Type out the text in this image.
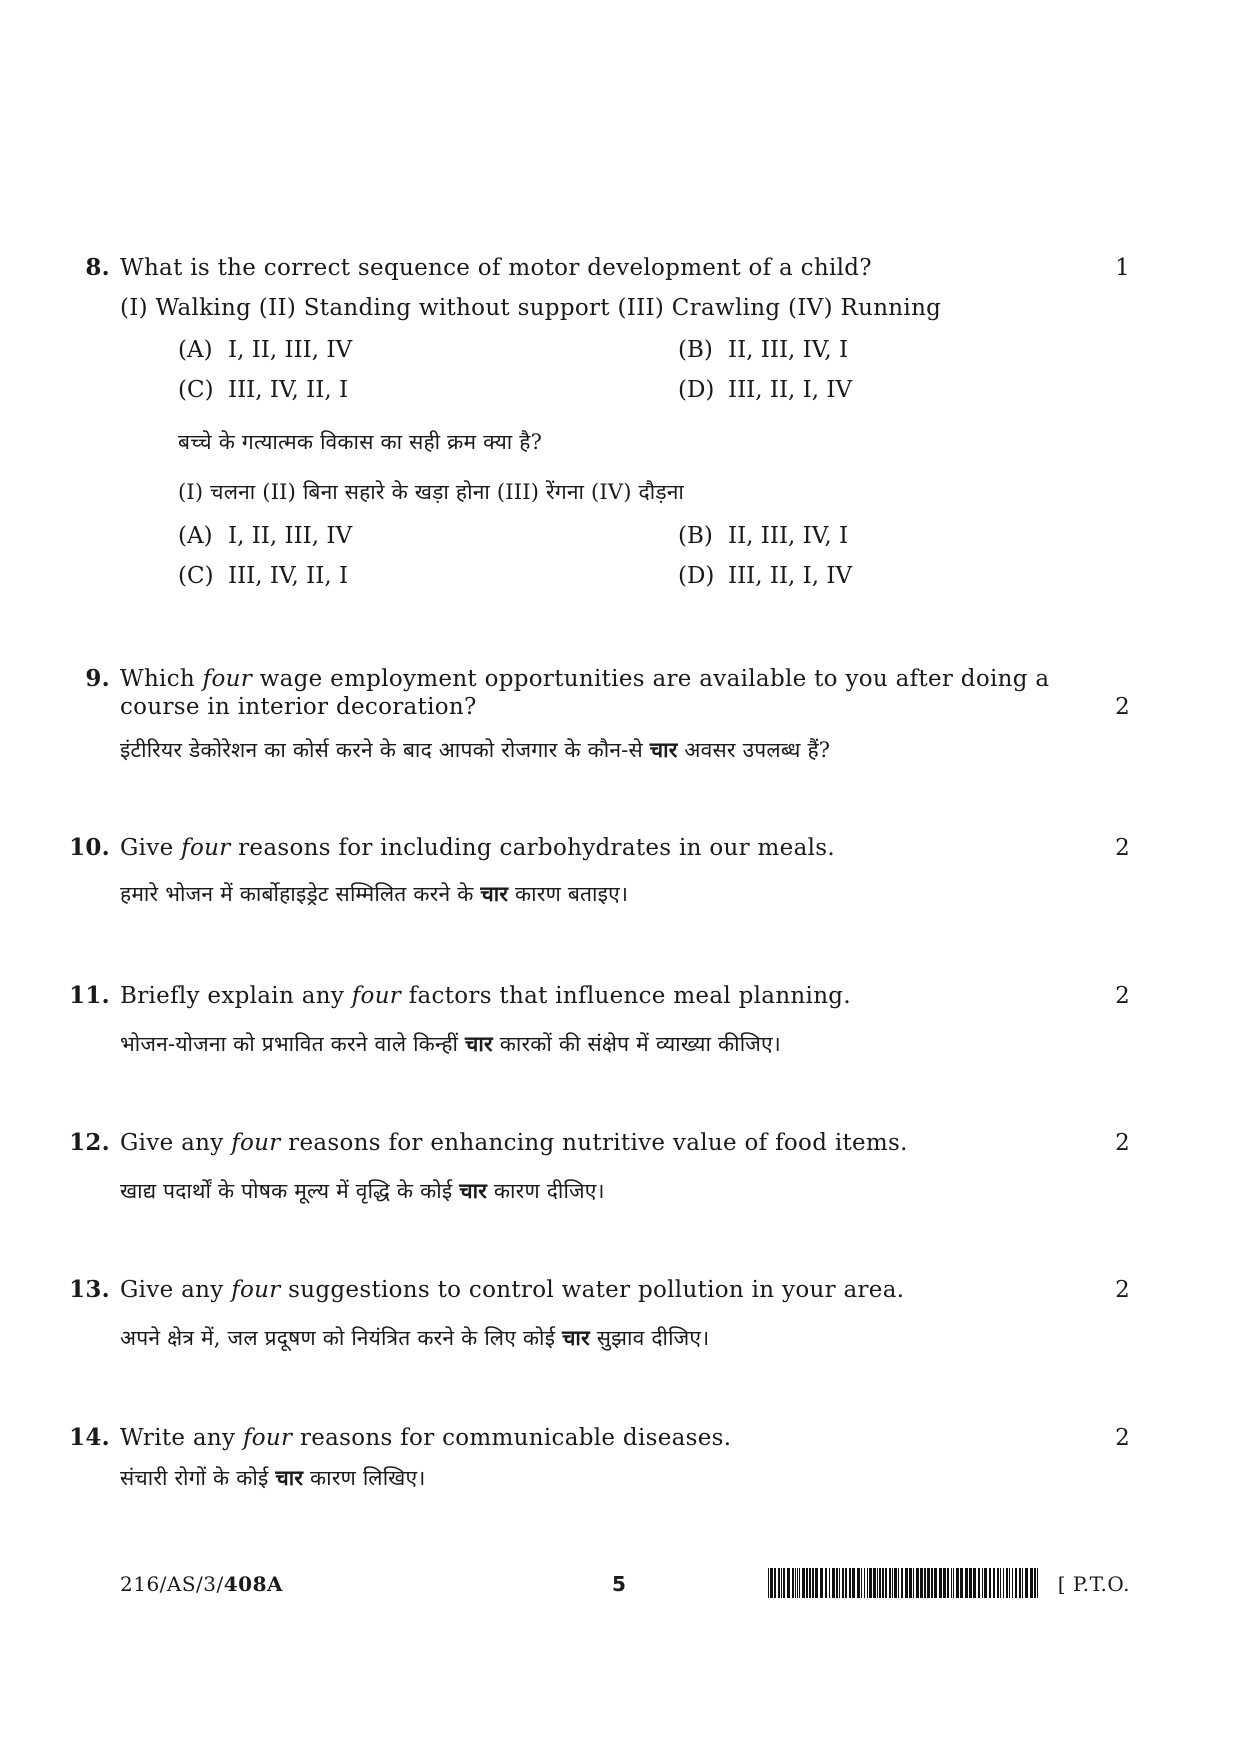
8.	1
What is the correct sequence of motor development of a child?
(I) Walking (II) Standing without support (III) Crawling (IV) Running
(A) I, II, III, IV	(B) II, III, IV, I
(C) III, IV, II, I	(D) III, II, I, IV
बच्चे के गत्यात्मक विकास का सही क्रम क्या है?
(I) चलना (II) बिना सहारे के खड़ा होना (III) रेंगना (IV) दौड़ना
(A) I, II, III, IV	(B) II, III, IV, I
(C) III, IV, II, I	(D) III, II, I, IV
9.
2
Which four wage employment opportunities are available to you after doing a course in interior decoration?
इंटीरियर डेकोरेशन का कोर्स करने के बाद आपको रोजगार के कौन-से चार अवसर उपलब्ध हैं?
10.	2
Give four reasons for including carbohydrates in our meals.
हमारे भोजन में कार्बोहाइड्रेट सम्मिलित करने के चार कारण बताइए।
11.	2
Briefly explain any four factors that influence meal planning.
भोजन-योजना को प्रभावित करने वाले किन्हीं चार कारकों की संक्षेप में व्याख्या कीजिए।
12.	2
Give any four reasons for enhancing nutritive value of food items.
खाद्य पदार्थों के पोषक मूल्य में वृद्धि के कोई चार कारण दीजिए।
13.	2
Give any four suggestions to control water pollution in your area.
अपने क्षेत्र में, जल प्रदूषण को नियंत्रित करने के लिए कोई चार सुझाव दीजिए।
14.	2
Write any four reasons for communicable diseases.
संचारी रोगों के कोई चार कारण लिखिए।
216/AS/3/408A	5	[ P.T.O.
